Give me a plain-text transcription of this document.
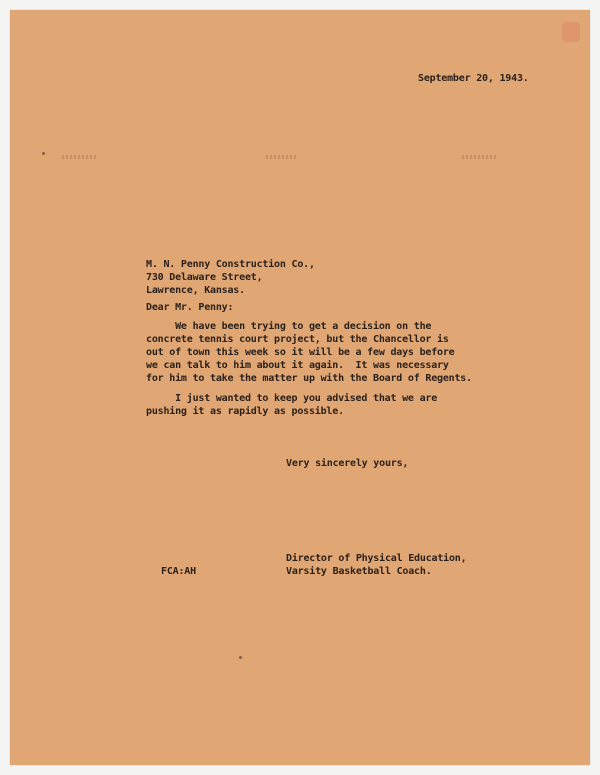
September 20, 1943.
M. N. Penny Construction Co.,
730 Delaware Street,
Lawrence, Kansas.
Dear Mr. Penny:
We have been trying to get a decision on the
concrete tennis court project, but the Chancellor is
out of town this week so it will be a few days before
we can talk to him about it again.  It was necessary
for him to take the matter up with the Board of Regents.
I just wanted to keep you advised that we are
pushing it as rapidly as possible.
Very sincerely yours,
Director of Physical Education,
Varsity Basketball Coach.
FCA:AH
